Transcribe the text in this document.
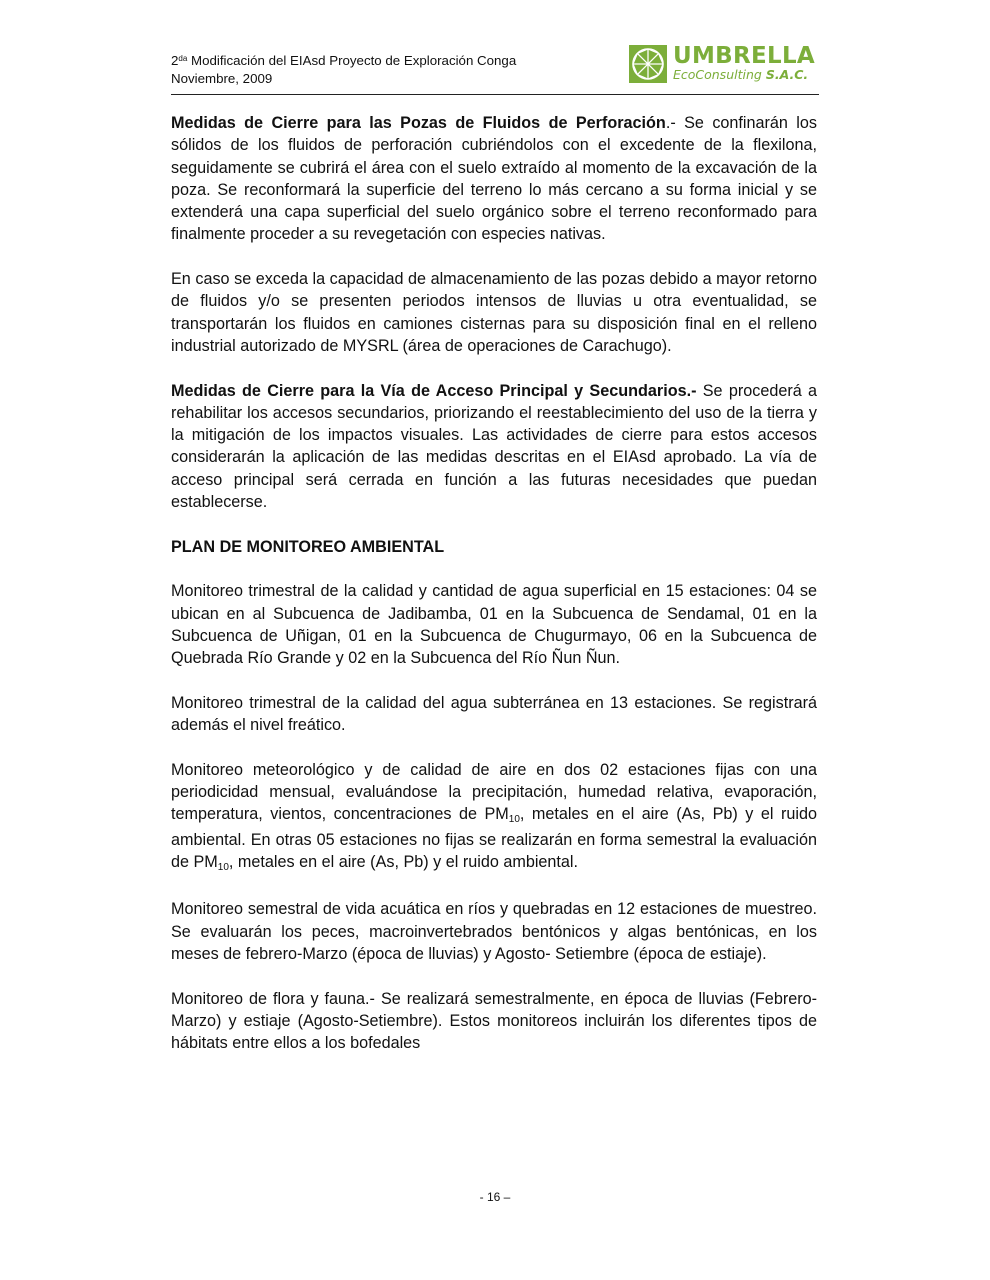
$2^{da}$ Modificación del EIAsd Proyecto de Exploración Conga
Noviembre, 2009
UMBRELLA
EcoConsulting S.A.C.

Medidas de Cierre para las Pozas de Fluidos de Perforación.- Se confinarán los sólidos de los fluidos de perforación cubriéndolos con el excedente de la flexilona, seguidamente se cubrirá el área con el suelo extraído al momento de la excavación de la poza. Se reconformará la superficie del terreno lo más cercano a su forma inicial y se extenderá una capa superficial del suelo orgánico sobre el terreno reconformado para finalmente proceder a su revegetación con especies nativas.

En caso se exceda la capacidad de almacenamiento de las pozas debido a mayor retorno de fluidos y/o se presenten periodos intensos de lluvias u otra eventualidad, se transportarán los fluidos en camiones cisternas para su disposición final en el relleno industrial autorizado de MYSRL (área de operaciones de Carachugo).

Medidas de Cierre para la Vía de Acceso Principal y Secundarios.- Se procederá a rehabilitar los accesos secundarios, priorizando el reestablecimiento del uso de la tierra y la mitigación de los impactos visuales. Las actividades de cierre para estos accesos considerarán la aplicación de las medidas descritas en el EIAsd aprobado. La vía de acceso principal será cerrada en función a las futuras necesidades que puedan establecerse.

PLAN DE MONITOREO AMBIENTAL

Monitoreo trimestral de la calidad y cantidad de agua superficial en 15 estaciones: 04 se ubican en al Subcuenca de Jadibamba, 01 en la Subcuenca de Sendamal, 01 en la Subcuenca de Uñigan, 01 en la Subcuenca de Chugurmayo, 06 en la Subcuenca de Quebrada Río Grande y 02 en la Subcuenca del Río Ñun Ñun.

Monitoreo trimestral de la calidad del agua subterránea en 13 estaciones. Se registrará además el nivel freático.

Monitoreo meteorológico y de calidad de aire en dos 02 estaciones fijas con una periodicidad mensual, evaluándose la precipitación, humedad relativa, evaporación, temperatura, vientos, concentraciones de $PM_{10}$, metales en el aire (As, Pb) y el ruido ambiental. En otras 05 estaciones no fijas se realizarán en forma semestral la evaluación de $PM_{10}$, metales en el aire (As, Pb) y el ruido ambiental.

Monitoreo semestral de vida acuática en ríos y quebradas en 12 estaciones de muestreo. Se evaluarán los peces, macroinvertebrados bentónicos y algas bentónicas, en los meses de febrero-Marzo (época de lluvias) y Agosto- Setiembre (época de estiaje).

Monitoreo de flora y fauna.- Se realizará semestralmente, en época de lluvias (Febrero-Marzo) y estiaje (Agosto-Setiembre). Estos monitoreos incluirán los diferentes tipos de hábitats entre ellos a los bofedales

- 16 –
